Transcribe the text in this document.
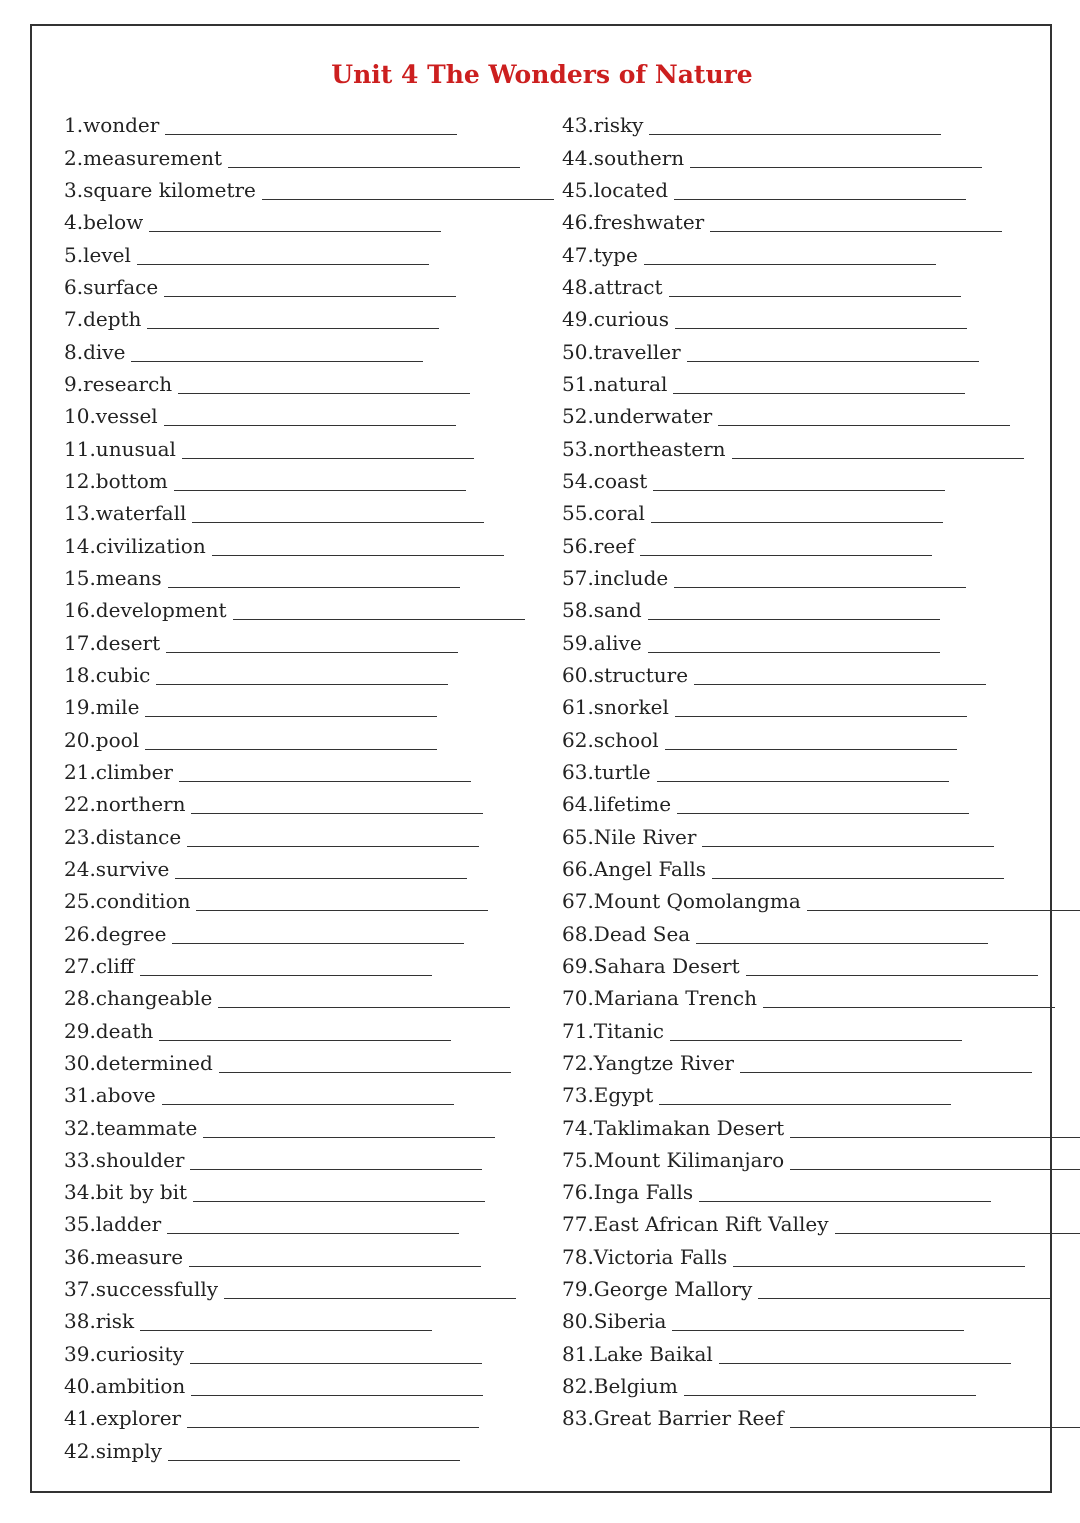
Unit 4 The Wonders of Nature
1.wonder
2.measurement
3.square kilometre
4.below
5.level
6.surface
7.depth
8.dive
9.research
10.vessel
11.unusual
12.bottom
13.waterfall
14.civilization
15.means
16.development
17.desert
18.cubic
19.mile
20.pool
21.climber
22.northern
23.distance
24.survive
25.condition
26.degree
27.cliff
28.changeable
29.death
30.determined
31.above
32.teammate
33.shoulder
34.bit by bit
35.ladder
36.measure
37.successfully
38.risk
39.curiosity
40.ambition
41.explorer
42.simply
43.risky
44.southern
45.located
46.freshwater
47.type
48.attract
49.curious
50.traveller
51.natural
52.underwater
53.northeastern
54.coast
55.coral
56.reef
57.include
58.sand
59.alive
60.structure
61.snorkel
62.school
63.turtle
64.lifetime
65.Nile River
66.Angel Falls
67.Mount Qomolangma
68.Dead Sea
69.Sahara Desert
70.Mariana Trench
71.Titanic
72.Yangtze River
73.Egypt
74.Taklimakan Desert
75.Mount Kilimanjaro
76.Inga Falls
77.East African Rift Valley
78.Victoria Falls
79.George Mallory
80.Siberia
81.Lake Baikal
82.Belgium
83.Great Barrier Reef
